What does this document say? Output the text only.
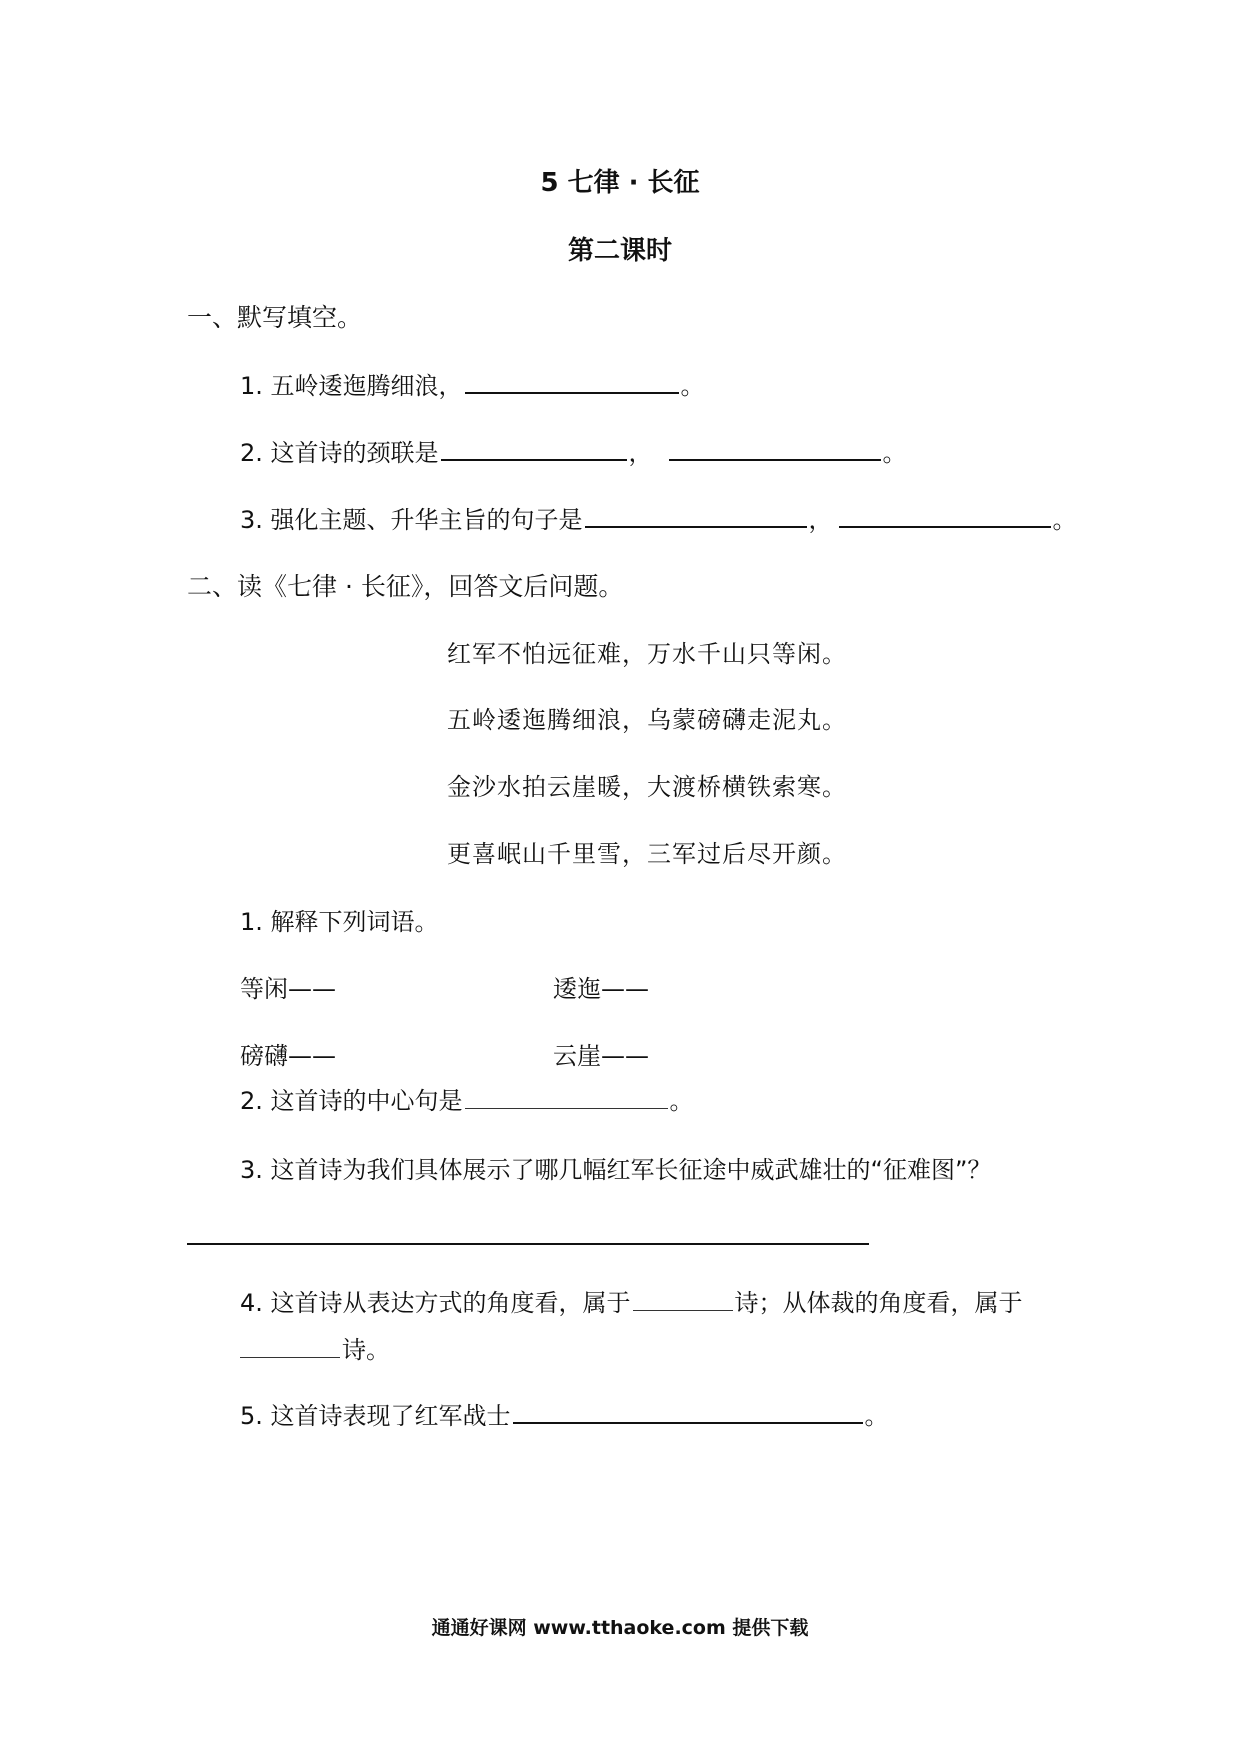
5 七律 · 长征
第二课时
一、默写填空。
1. 五岭逶迤腾细浪，	。
2. 这首诗的颈联是	，	。
3. 强化主题、升华主旨的句子是	，	。
二、读《七律 · 长征》，回答文后问题。
红军不怕远征难，万水千山只等闲。
五岭逶迤腾细浪，乌蒙磅礴走泥丸。
金沙水拍云崖暖，大渡桥横铁索寒。
更喜岷山千里雪，三军过后尽开颜。
1. 解释下列词语。
等闲——	逶迤——
磅礴——	云崖——
2. 这首诗的中心句是	。
3. 这首诗为我们具体展示了哪几幅红军长征途中威武雄壮的“征难图”？
4. 这首诗从表达方式的角度看，属于	诗；从体裁的角度看，属于
诗。
5. 这首诗表现了红军战士	。
通通好课网 www.tthaoke.com 提供下载
